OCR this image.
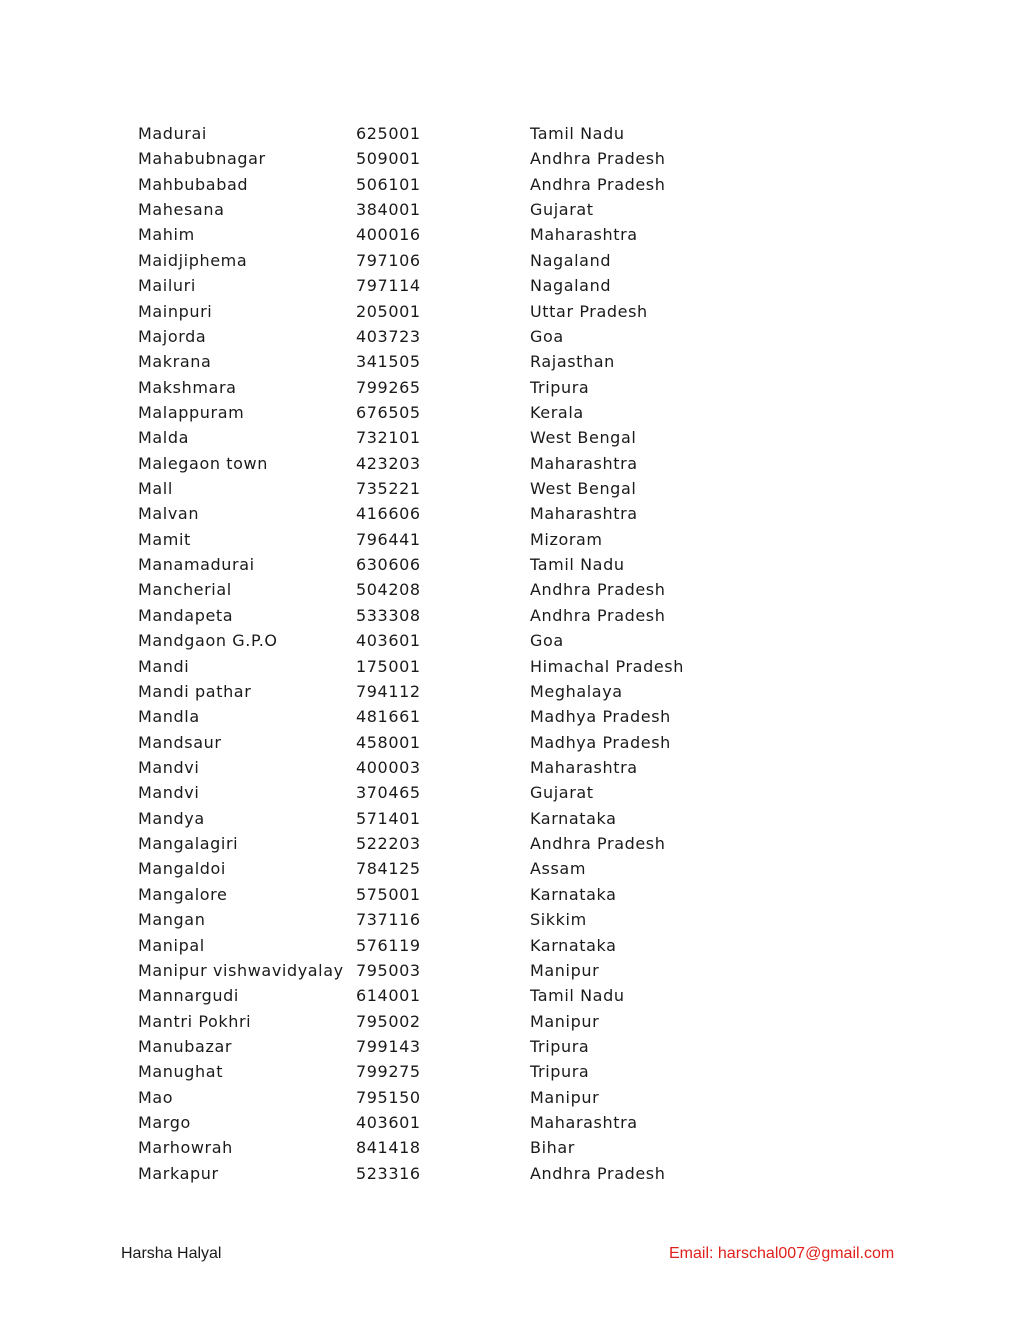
Madurai	625001	Tamil Nadu
Mahabubnagar	509001	Andhra Pradesh
Mahbubabad	506101	Andhra Pradesh
Mahesana	384001	Gujarat
Mahim	400016	Maharashtra
Maidjiphema	797106	Nagaland
Mailuri	797114	Nagaland
Mainpuri	205001	Uttar Pradesh
Majorda	403723	Goa
Makrana	341505	Rajasthan
Makshmara	799265	Tripura
Malappuram	676505	Kerala
Malda	732101	West Bengal
Malegaon town	423203	Maharashtra
Mall	735221	West Bengal
Malvan	416606	Maharashtra
Mamit	796441	Mizoram
Manamadurai	630606	Tamil Nadu
Mancherial	504208	Andhra Pradesh
Mandapeta	533308	Andhra Pradesh
Mandgaon G.P.O	403601	Goa
Mandi	175001	Himachal Pradesh
Mandi pathar	794112	Meghalaya
Mandla	481661	Madhya Pradesh
Mandsaur	458001	Madhya Pradesh
Mandvi	400003	Maharashtra
Mandvi	370465	Gujarat
Mandya	571401	Karnataka
Mangalagiri	522203	Andhra Pradesh
Mangaldoi	784125	Assam
Mangalore	575001	Karnataka
Mangan	737116	Sikkim
Manipal	576119	Karnataka
Manipur vishwavidyalay 795003	Manipur
Mannargudi	614001	Tamil Nadu
Mantri Pokhri	795002	Manipur
Manubazar	799143	Tripura
Manughat	799275	Tripura
Mao	795150	Manipur
Margo	403601	Maharashtra
Marhowrah	841418	Bihar
Markapur	523316	Andhra Pradesh
Harsha Halyal	Email: harschal007@gmail.com
